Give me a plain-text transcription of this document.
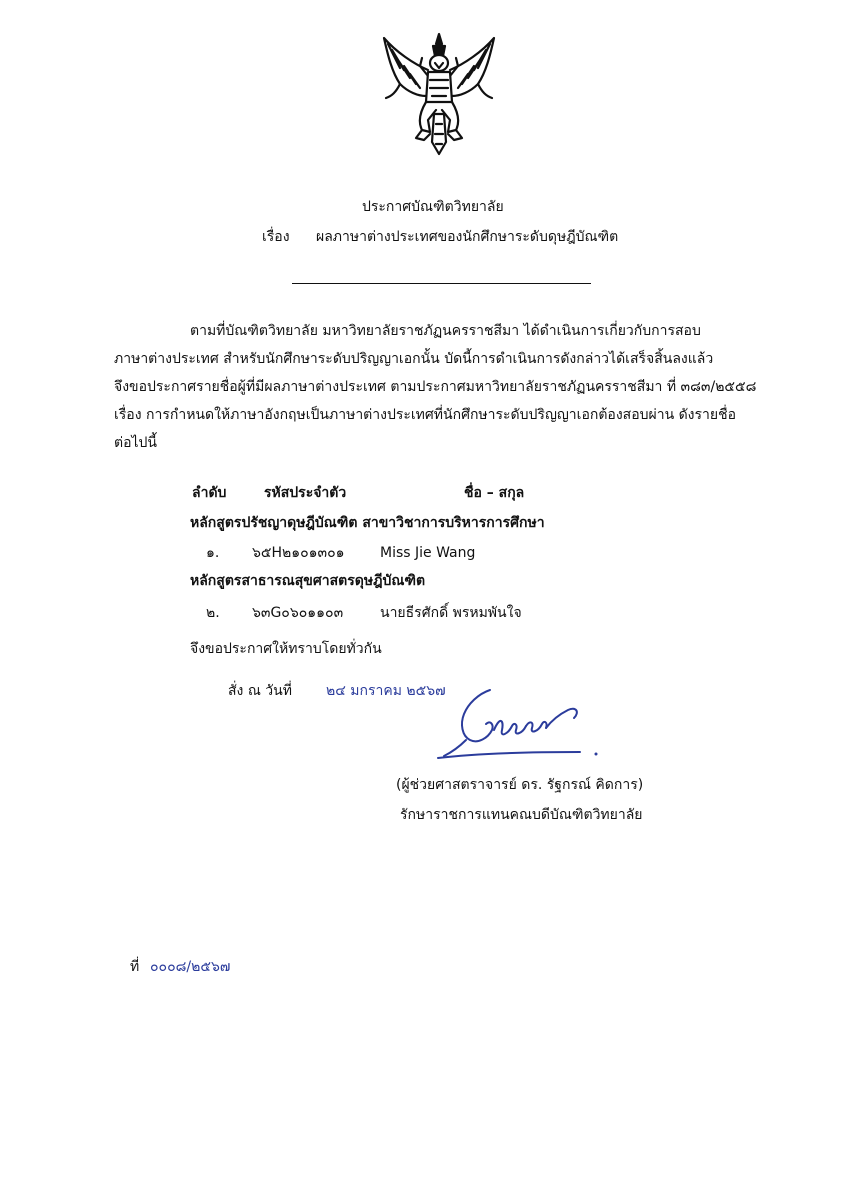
ประกาศบัณฑิตวิทยาลัย
เรื่อง ผลภาษาต่างประเทศของนักศึกษาระดับดุษฎีบัณฑิต
ตามที่บัณฑิตวิทยาลัย มหาวิทยาลัยราชภัฏนครราชสีมา ได้ดำเนินการเกี่ยวกับการสอบ
ภาษาต่างประเทศ สำหรับนักศึกษาระดับปริญญาเอกนั้น บัดนี้การดำเนินการดังกล่าวได้เสร็จสิ้นลงแล้ว
จึงขอประกาศรายชื่อผู้ที่มีผลภาษาต่างประเทศ ตามประกาศมหาวิทยาลัยราชภัฏนครราชสีมา ที่ ๓๘๓/๒๕๕๘
เรื่อง การกำหนดให้ภาษาอังกฤษเป็นภาษาต่างประเทศที่นักศึกษาระดับปริญญาเอกต้องสอบผ่าน ดังรายชื่อ
ต่อไปนี้
ลำดับ	รหัสประจำตัว	ชื่อ – สกุล
หลักสูตรปรัชญาดุษฎีบัณฑิต สาขาวิชาการบริหารการศึกษา
๑. ๖๕H๒๑๐๑๓๐๑	Miss Jie Wang
หลักสูตรสาธารณสุขศาสตรดุษฎีบัณฑิต
๒. ๖๓G๐๖๐๑๑๐๓	นายธีรศักดิ์ พรหมพันใจ
จึงขอประกาศให้ทราบโดยทั่วกัน
สั่ง ณ วันที่ ๒๔ มกราคม ๒๕๖๗
(ผู้ช่วยศาสตราจารย์ ดร. รัฐกรณ์ คิดการ)
รักษาราชการแทนคณบดีบัณฑิตวิทยาลัย
ที่ ๐๐๐๘/๒๕๖๗
